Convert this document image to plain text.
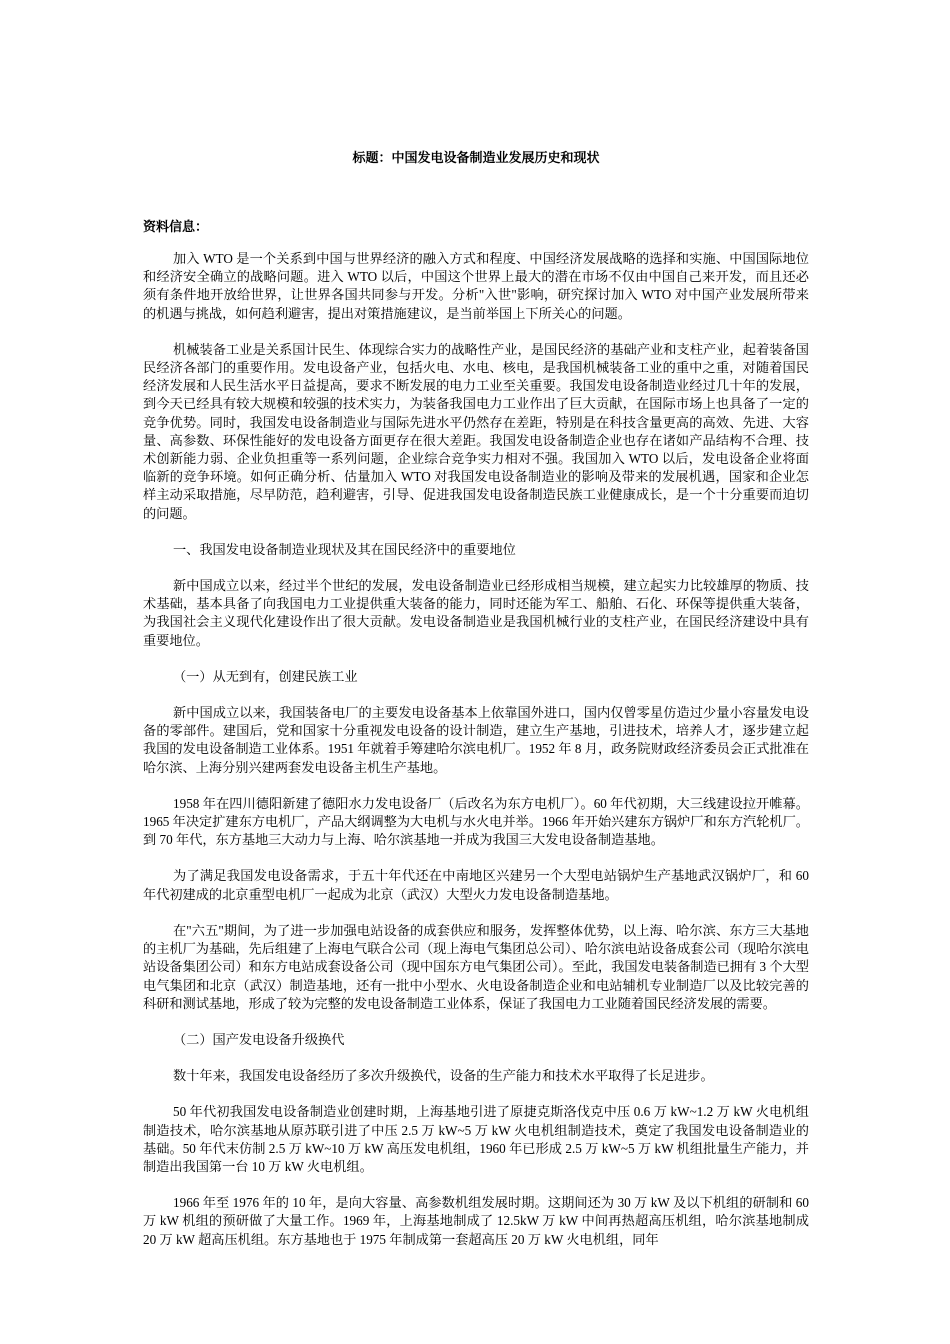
标题：中国发电设备制造业发展历史和现状

资料信息：

加入 WTO 是一个关系到中国与世界经济的融入方式和程度、中国经济发展战略的选择和实施、中国国际地位和经济安全确立的战略问题。进入 WTO 以后，中国这个世界上最大的潜在市场不仅由中国自己来开发，而且还必须有条件地开放给世界，让世界各国共同参与开发。分析"入世"影响，研究探讨加入 WTO 对中国产业发展所带来的机遇与挑战，如何趋利避害，提出对策措施建议，是当前举国上下所关心的问题。

机械装备工业是关系国计民生、体现综合实力的战略性产业，是国民经济的基础产业和支柱产业，起着装备国民经济各部门的重要作用。发电设备产业，包括火电、水电、核电，是我国机械装备工业的重中之重，对随着国民经济发展和人民生活水平日益提高，要求不断发展的电力工业至关重要。我国发电设备制造业经过几十年的发展，到今天已经具有较大规模和较强的技术实力，为装备我国电力工业作出了巨大贡献，在国际市场上也具备了一定的竞争优势。同时，我国发电设备制造业与国际先进水平仍然存在差距，特别是在科技含量更高的高效、先进、大容量、高参数、环保性能好的发电设备方面更存在很大差距。我国发电设备制造企业也存在诸如产品结构不合理、技术创新能力弱、企业负担重等一系列问题，企业综合竞争实力相对不强。我国加入 WTO 以后，发电设备企业将面临新的竞争环境。如何正确分析、估量加入 WTO 对我国发电设备制造业的影响及带来的发展机遇，国家和企业怎样主动采取措施，尽早防范，趋利避害，引导、促进我国发电设备制造民族工业健康成长，是一个十分重要而迫切的问题。

一、我国发电设备制造业现状及其在国民经济中的重要地位

新中国成立以来，经过半个世纪的发展，发电设备制造业已经形成相当规模，建立起实力比较雄厚的物质、技术基础，基本具备了向我国电力工业提供重大装备的能力，同时还能为军工、船舶、石化、环保等提供重大装备，为我国社会主义现代化建设作出了很大贡献。发电设备制造业是我国机械行业的支柱产业，在国民经济建设中具有重要地位。

（一）从无到有，创建民族工业

新中国成立以来，我国装备电厂的主要发电设备基本上依靠国外进口，国内仅曾零星仿造过少量小容量发电设备的零部件。建国后，党和国家十分重视发电设备的设计制造，建立生产基地，引进技术，培养人才，逐步建立起我国的发电设备制造工业体系。1951 年就着手筹建哈尔滨电机厂。1952 年 8 月，政务院财政经济委员会正式批准在哈尔滨、上海分别兴建两套发电设备主机生产基地。

1958 年在四川德阳新建了德阳水力发电设备厂（后改名为东方电机厂）。60 年代初期，大三线建设拉开帷幕。1965 年决定扩建东方电机厂，产品大纲调整为大电机与水火电并举。1966 年开始兴建东方锅炉厂和东方汽轮机厂。到 70 年代，东方基地三大动力与上海、哈尔滨基地一并成为我国三大发电设备制造基地。

为了满足我国发电设备需求，于五十年代还在中南地区兴建另一个大型电站锅炉生产基地武汉锅炉厂，和 60 年代初建成的北京重型电机厂一起成为北京（武汉）大型火力发电设备制造基地。

在"六五"期间，为了进一步加强电站设备的成套供应和服务，发挥整体优势，以上海、哈尔滨、东方三大基地的主机厂为基础，先后组建了上海电气联合公司（现上海电气集团总公司）、哈尔滨电站设备成套公司（现哈尔滨电站设备集团公司）和东方电站成套设备公司（现中国东方电气集团公司）。至此，我国发电装备制造已拥有 3 个大型电气集团和北京（武汉）制造基地，还有一批中小型水、火电设备制造企业和电站辅机专业制造厂以及比较完善的科研和测试基地，形成了较为完整的发电设备制造工业体系，保证了我国电力工业随着国民经济发展的需要。

（二）国产发电设备升级换代

数十年来，我国发电设备经历了多次升级换代，设备的生产能力和技术水平取得了长足进步。

50 年代初我国发电设备制造业创建时期，上海基地引进了原捷克斯洛伐克中压 0.6 万 kW~1.2 万 kW 火电机组制造技术，哈尔滨基地从原苏联引进了中压 2.5 万 kW~5 万 kW 火电机组制造技术，奠定了我国发电设备制造业的基础。50 年代末仿制 2.5 万 kW~10 万 kW 高压发电机组，1960 年已形成 2.5 万 kW~5 万 kW 机组批量生产能力，并制造出我国第一台 10 万 kW 火电机组。

1966 年至 1976 年的 10 年，是向大容量、高参数机组发展时期。这期间还为 30 万 kW 及以下机组的研制和 60 万 kW 机组的预研做了大量工作。1969 年，上海基地制成了 12.5kW 万 kW 中间再热超高压机组，哈尔滨基地制成 20 万 kW 超高压机组。东方基地也于 1975 年制成第一套超高压 20 万 kW 火电机组，同年
